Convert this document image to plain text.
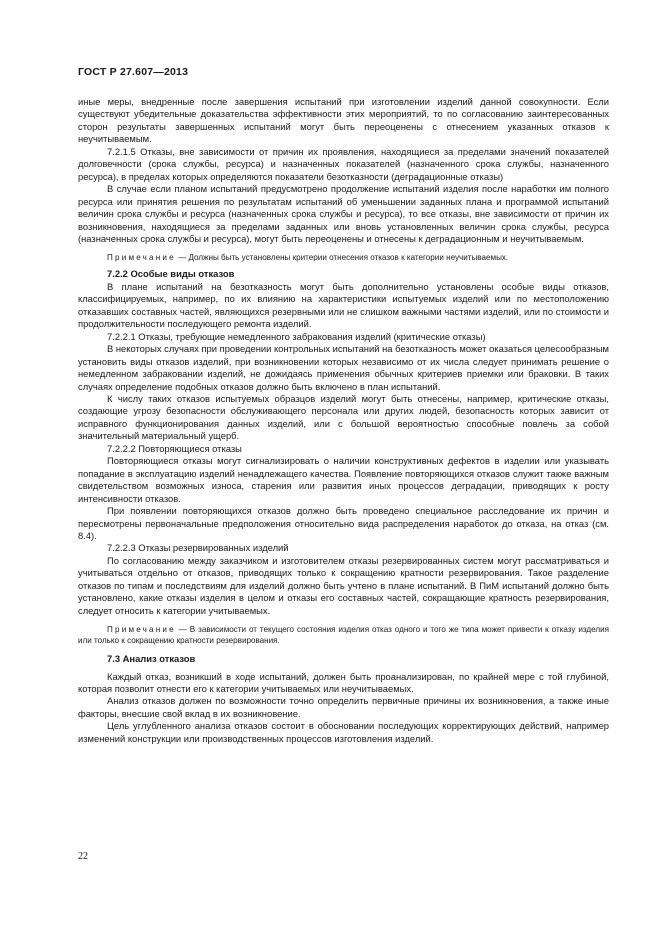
ГОСТ Р 27.607—2013

иные меры, внедренные после завершения испытаний при изготовлении изделий данной совокупности. Если существуют убедительные доказательства эффективности этих мероприятий, то по согласованию заинтересованных сторон результаты завершенных испытаний могут быть переоценены с отнесением указанных отказов к неучитываемым.

7.2.1.5 Отказы, вне зависимости от причин их проявления, находящиеся за пределами значений показателей долговечности (срока службы, ресурса) и назначенных показателей (назначенного срока службы, назначенного ресурса), в пределах которых определяются показатели безотказности (деградационные отказы)

В случае если планом испытаний предусмотрено продолжение испытаний изделия после наработки им полного ресурса или принятия решения по результатам испытаний об уменьшении заданных плана и программой испытаний величин срока службы и ресурса (назначенных срока службы и ресурса), то все отказы, вне зависимости от причин их возникновения, находящиеся за пределами заданных или вновь установленных величин срока службы, ресурса (назначенных срока службы и ресурса), могут быть переоценены и отнесены к деградационным и неучитываемым.

Примечание — Должны быть установлены критерии отнесения отказов к категории неучитываемых.

7.2.2 Особые виды отказов

В плане испытаний на безотказность могут быть дополнительно установлены особые виды отказов, классифицируемых, например, по их влиянию на характеристики испытуемых изделий или по местоположению отказавших составных частей, являющихся резервными или не слишком важными частями изделий, или по стоимости и продолжительности последующего ремонта изделий.

7.2.2.1 Отказы, требующие немедленного забракования изделий (критические отказы)

В некоторых случаях при проведении контрольных испытаний на безотказность может оказаться целесообразным установить виды отказов изделий, при возникновении которых независимо от их числа следует принимать решение о немедленном забраковании изделий, не дожидаясь применения обычных критериев приемки или браковки. В таких случаях определение подобных отказов должно быть включено в план испытаний.

К числу таких отказов испытуемых образцов изделий могут быть отнесены, например, критические отказы, создающие угрозу безопасности обслуживающего персонала или других людей, безопасность которых зависит от исправного функционирования данных изделий, или с большой вероятностью способные повлечь за собой значительный материальный ущерб.

7.2.2.2 Повторяющиеся отказы

Повторяющиеся отказы могут сигнализировать о наличии конструктивных дефектов в изделии или указывать попадание в эксплуатацию изделий ненадлежащего качества. Появление повторяющихся отказов служит также важным свидетельством возможных износа, старения или развития иных процессов деградации, приводящих к росту интенсивности отказов.

При появлении повторяющихся отказов должно быть проведено специальное расследование их причин и пересмотрены первоначальные предположения относительно вида распределения наработок до отказа, на отказ (см. 8.4).

7.2.2.3 Отказы резервированных изделий

По согласованию между заказчиком и изготовителем отказы резервированных систем могут рассматриваться и учитываться отдельно от отказов, приводящих только к сокращению кратности резервирования. Такое разделение отказов по типам и последствиям для изделий должно быть учтено в плане испытаний. В ПиМ испытаний должно быть установлено, какие отказы изделия в целом и отказы его составных частей, сокращающие кратность резервирования, следует относить к категории учитываемых.

Примечание — В зависимости от текущего состояния изделия отказ одного и того же типа может привести к отказу изделия или только к сокращению кратности резервирования.

7.3 Анализ отказов

Каждый отказ, возникший в ходе испытаний, должен быть проанализирован, по крайней мере с той глубиной, которая позволит отнести его к категории учитываемых или неучитываемых.

Анализ отказов должен по возможности точно определить первичные причины их возникновения, а также иные факторы, внесшие свой вклад в их возникновение.

Цель углубленного анализа отказов состоит в обосновании последующих корректирующих действий, например изменений конструкции или производственных процессов изготовления изделий.

22
